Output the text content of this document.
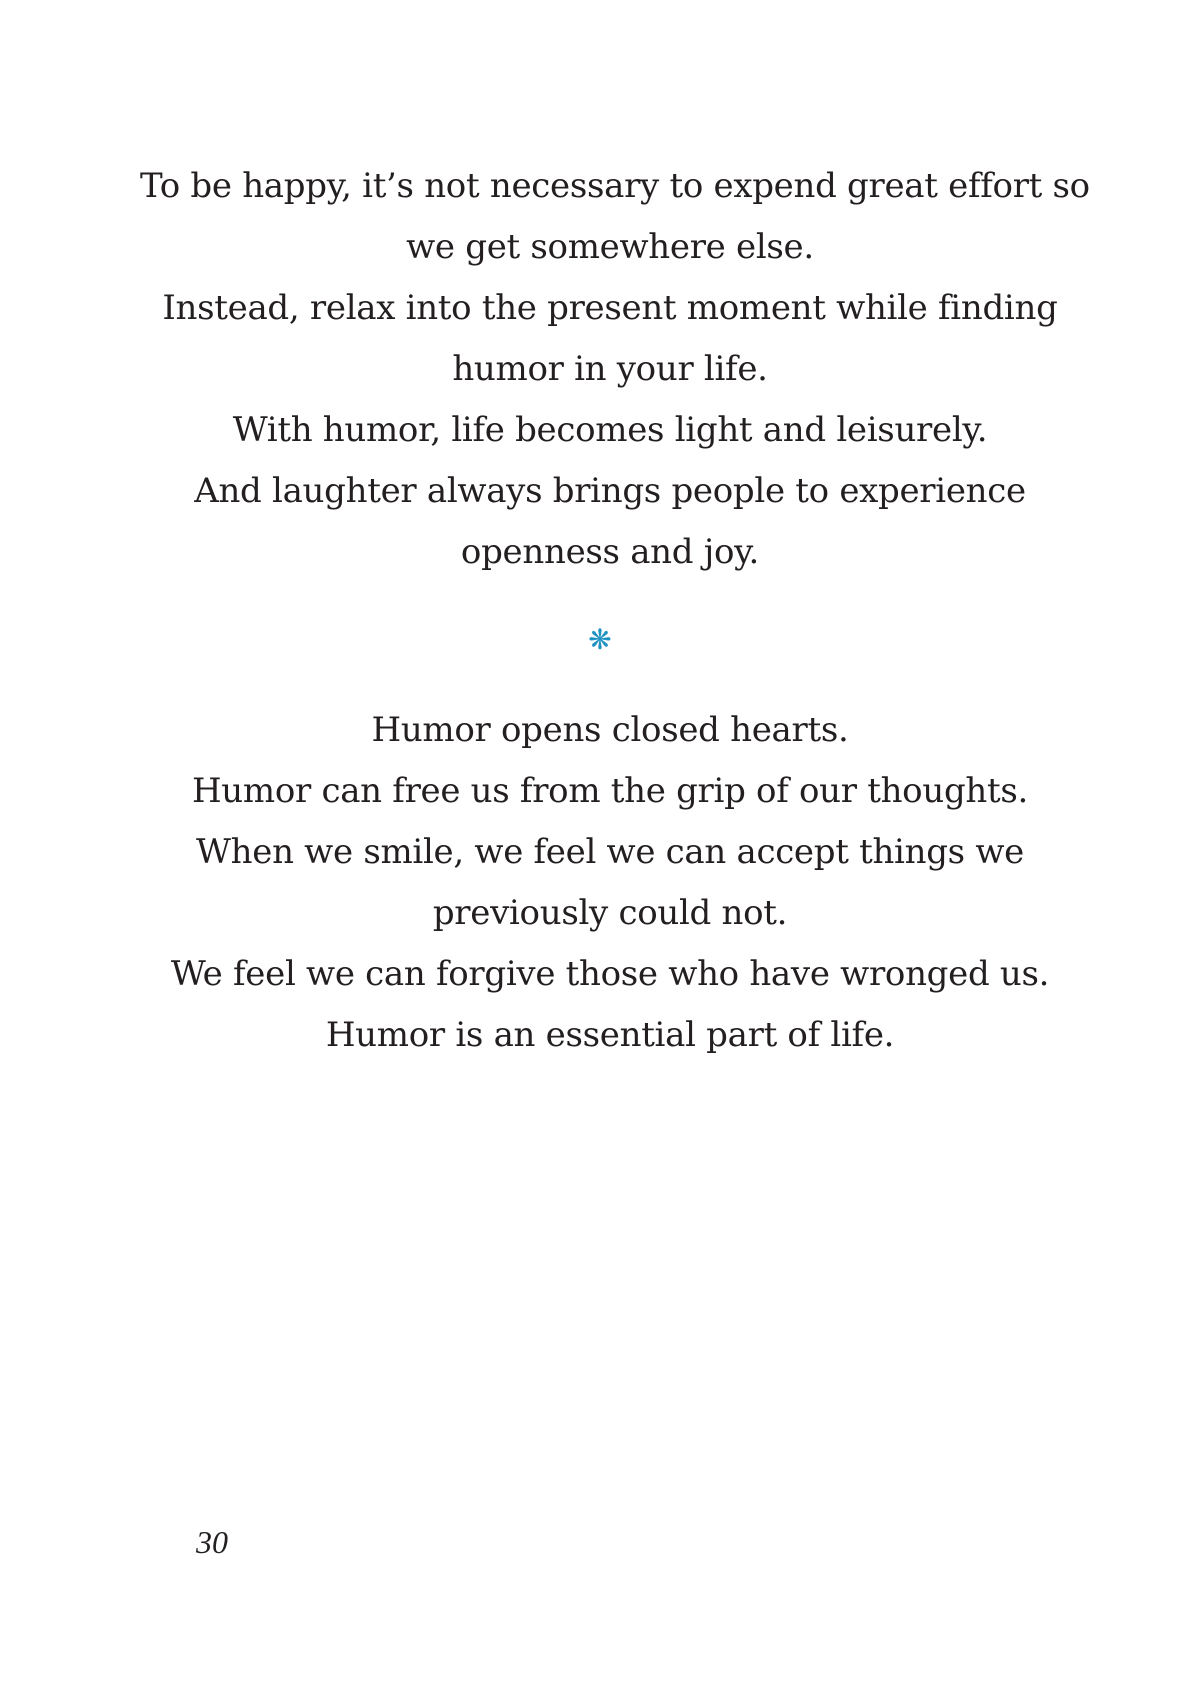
To be happy, it’s not necessary to expend great effort so
we get somewhere else.
Instead, relax into the present moment while finding
humor in your life.
With humor, life becomes light and leisurely.
And laughter always brings people to experience
openness and joy.
❋
Humor opens closed hearts.
Humor can free us from the grip of our thoughts.
When we smile, we feel we can accept things we
previously could not.
We feel we can forgive those who have wronged us.
Humor is an essential part of life.
30
